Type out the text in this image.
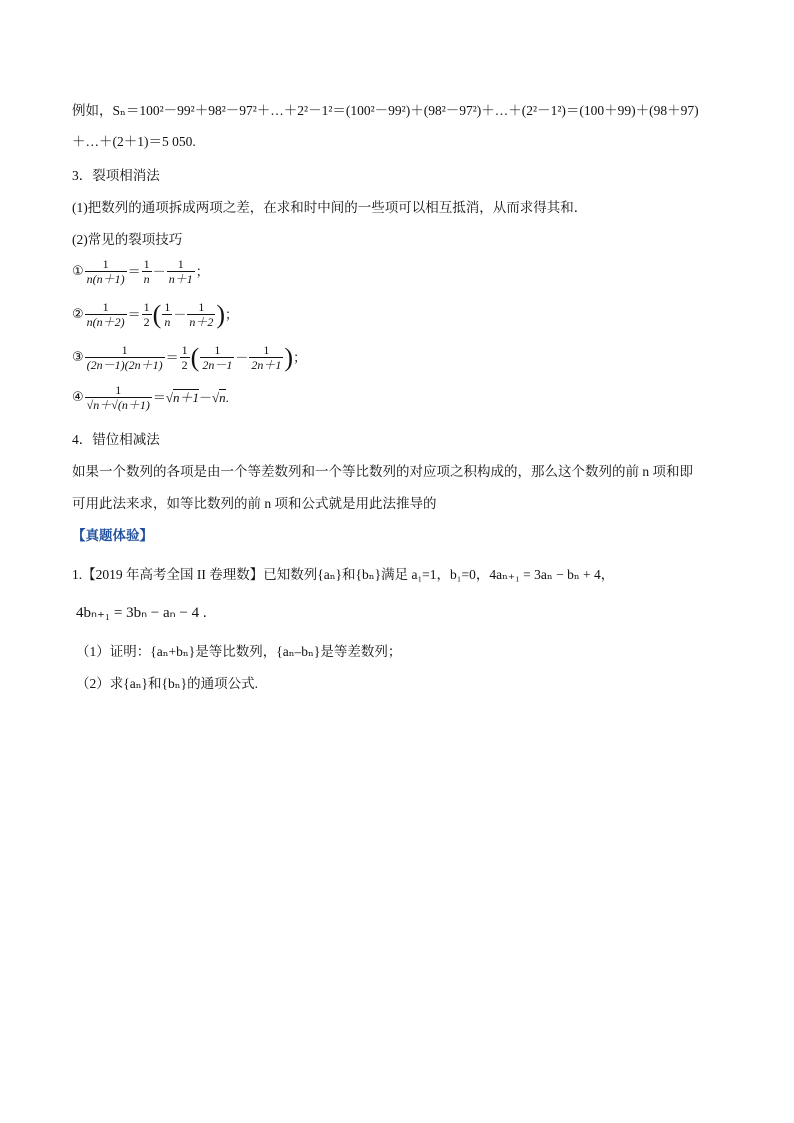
例如，Sₙ＝100²－99²＋98²－97²＋…＋2²－1²＝(100²－99²)＋(98²－97²)＋…＋(2²－1²)＝(100＋99)＋(98＋97)
＋…＋(2＋1)＝5 050.
3．裂项相消法
(1)把数列的通项拆成两项之差，在求和时中间的一些项可以相互抵消，从而求得其和．
(2)常见的裂项技巧
① $\frac{1}{n(n+1)} = \frac{1}{n} - \frac{1}{n+1}$ ；
② $\frac{1}{n(n+2)} = \frac{1}{2}$ ( $\frac{1}{n} - \frac{1}{n+2}$ )；
③ $\frac{1}{(2n-1)(2n+1)} = \frac{1}{2}$ ( $\frac{1}{2n-1} - \frac{1}{2n+1}$ )；
④ $\frac{1}{√n+√(n+1)} =√n+1-√n$.
4．错位相减法
如果一个数列的各项是由一个等差数列和一个等比数列的对应项之积构成的，那么这个数列的前 n 项和即
可用此法来求，如等比数列的前 n 项和公式就是用此法推导的
【真题体验】
1.【2019 年高考全国 II 卷理数】已知数列{aₙ}和{bₙ}满足 a₁=1，b₁=0，4aₙ₊₁ = 3aₙ − bₙ + 4，
4bₙ₊₁ = 3bₙ − aₙ − 4 .
（1）证明：{aₙ+bₙ}是等比数列，{aₙ–bₙ}是等差数列；
（2）求{aₙ}和{bₙ}的通项公式.
